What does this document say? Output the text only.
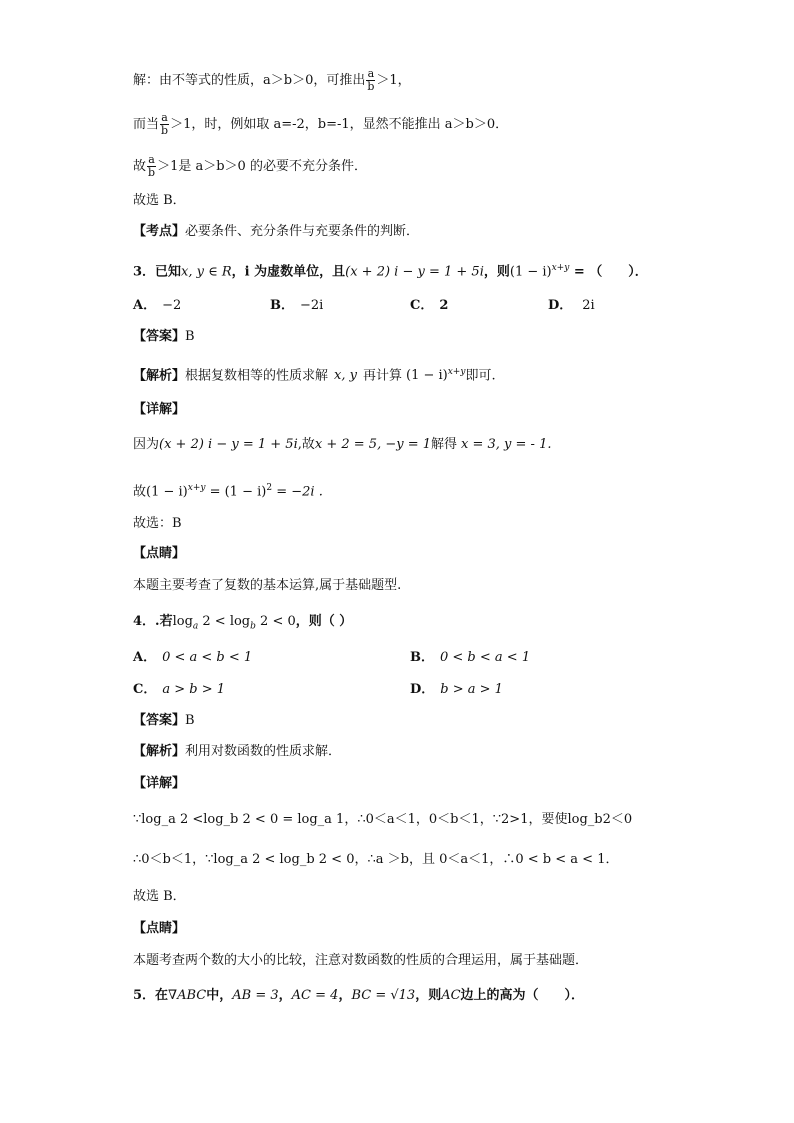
解：由不等式的性质，a＞b＞0，可推出 $\frac{a}{b} >1$，
而当 $\frac{a}{b} >1$，时，例如取 a=-2，b=-1，显然不能推出 a＞b＞0．
故 $\frac{a}{b} >1$是 a＞b＞0 的必要不充分条件．
故选 B．
【考点】必要条件、充分条件与充要条件的判断．
3．已知x, y ∈ R，i 为虚数单位，且(x + 2) i − y = 1 + 5i，则$(1 - i)^{x+y}$ = （　　）．
A． −2	B． −2i	C． 2	D． 2i
【答案】B
【解析】根据复数相等的性质求解 x, y 再计算 $(1 - i)^{x+y}$即可.
【详解】
因为(x + 2) i − y = 1 + 5i,故x + 2 = 5, −y = 1解得 x = 3, y = - 1.
故$(1 - i)^{x+y} = (1 - i)^2 = -2i$ .
故选：B
【点睛】
本题主要考查了复数的基本运算,属于基础题型.
4．.若$\log_a 2 < \log_b 2 < 0$，则（ ）
A． 0 < a < b < 1	B． 0 < b < a < 1
C． a > b > 1	D． b > a > 1
【答案】B
【解析】利用对数函数的性质求解．
【详解】
∵log_a 2 <log_b 2 < 0 = log_a 1，∴0＜a＜1，0＜b＜1，∵2>1，要使log_b2＜0
∴0＜b＜1，∵log_a 2 < log_b 2 < 0，∴a ＞b，且 0＜a＜1，∴0 < b < a < 1．
故选 B．
【点睛】
本题考查两个数的大小的比较，注意对数函数的性质的合理运用，属于基础题．
5．在∇ABC中，AB = 3，AC = 4，BC = √13，则AC边上的高为（　　）．
